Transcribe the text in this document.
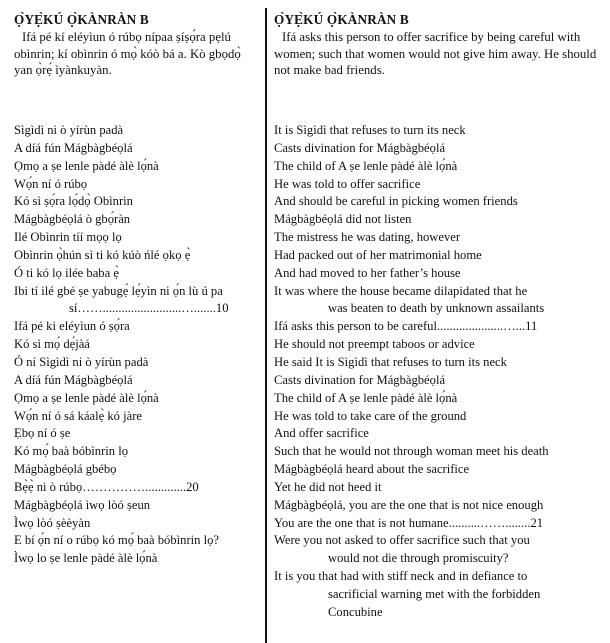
Ọ̀YẸ̀KÚ Ọ̀KÀNRÀN B

Ifá pé kí eléyìun ó rúbọ nípaa ṣíṣọ́ra pẹlú obìnrin; kí obìnrin ó mọ̀ kóò bá a. Kò gbọdọ̀ yan ọ̀rẹ́ ìyànkuyàn.

Ọ̀YẸ̀KÚ Ọ̀KÀNRÀN B

Ifá asks this person to offer sacrifice by being careful with women; such that women would not give him away. He should not make bad friends.

Sìgìdì ni ò yírùn padà
A díá fún Mágbàgbéọlá
Ọmọ a ṣe lenle pàdé àlè lọ́nà
Wọ́n ní ó rúbọ
Kó sì ṣọ́ra lọ́dọ̀ Obìnrin
Mágbàgbéọlá ò gbọ́ràn
Ilé Obìnrin tíí mọọ lọ
Obìnrin ọ̀hún sì ti kó kúò ńlé ọkọ ẹ̀
Ó ti kó lọ ilée baba ẹ̀
Ibi tí ilé gbé ṣe yabugẹ́ lẹ́yìn ni ọ́n lù ú pa
sí…….........................….......10
Ifá pé ki eléyìun ó ṣọ́ra
Kó sì mọ́ dẹ́jàá
Ó ní Sìgìdì ni ò yírùn padà
A díá fún Mágbàgbéọlá
Ọmọ a ṣe lenle pàdé àlè lọ́nà
Wọ́n ní ó sá káalẹ̀ kó jàre
Ẹbọ ní ó ṣe
Kó mọ́ baà bóbìnrin lọ
Mágbàgbéọlá gbébọ
Bẹ̀ẹ̀ ni ò rúbọ…………….............20
Mágbàgbéọlá ìwọ lòó ṣeun
Ìwọ lòó ṣèèyàn
E bí ọ́n ní o rúbọ kó mọ́ baà bóbìnrin lọ?
Ìwọ lo ṣe lenle pàdé àlè lọ́nà
It is Sìgìdì that refuses to turn its neck
Casts divination for Mágbàgbéọlá
The child of A ṣe lenle pàdé àlè lọ́nà
He was told to offer sacrifice
And should be careful in picking women friends
Mágbàgbéọlá did not listen
The mistress he was dating, however
Had packed out of her matrimonial home
And had moved to her father’s house
It was where the house became dilapidated that he
was beaten to death by unknown assailants
Ifá asks this person to be careful.....................…...11
He should not preempt taboos or advice
He said It is Sìgìdì that refuses to turn its neck
Casts divination for Mágbàgbéọlá
The child of A ṣe lenle pàdé àlè lọ́nà
He was told to take care of the ground
And offer sacrifice
Such that he would not through woman meet his death
Mágbàgbéọlá heard about the sacrifice
Yet he did not heed it
Mágbàgbéọlá, you are the one that is not nice enough
You are the one that is not humane..........……........21
Were you not asked to offer sacrifice such that you
would not die through promiscuity?
It is you that had with stiff neck and in defiance to
sacrificial warning met with the forbidden
Concubine
